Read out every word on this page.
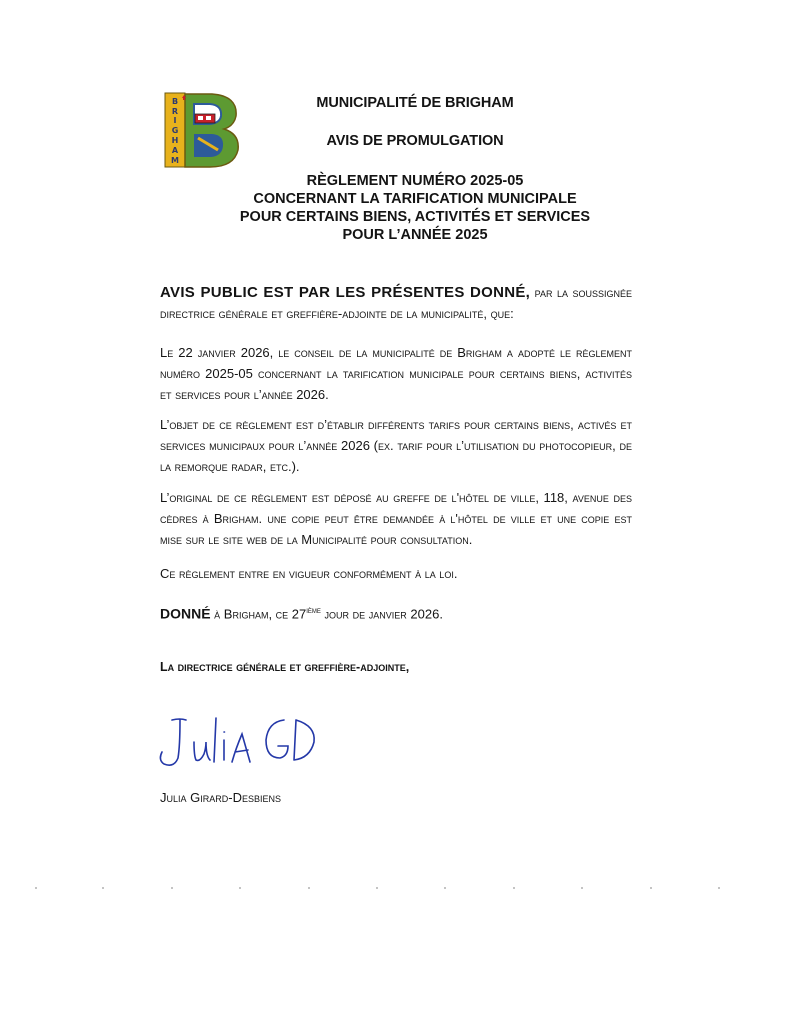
B
R
I
G
H
A
M
MUNICIPALITÉ DE BRIGHAM
AVIS DE PROMULGATION
RÈGLEMENT NUMÉRO 2025-05
CONCERNANT LA TARIFICATION MUNICIPALE
POUR CERTAINS BIENS, ACTIVITÉS ET SERVICES
POUR L’ANNÉE 2025
AVIS PUBLIC EST PAR LES PRÉSENTES DONNÉ, par la soussignée directrice générale et greffière-adjointe de la municipalité, que:
Le 22 janvier 2026, le conseil de la municipalité de Brigham a adopté le règlement numéro 2025-05 concernant la tarification municipale pour certains biens, activités et services pour l’année 2026.
L’objet de ce règlement est d’établir différents tarifs pour certains biens, activés et services municipaux pour l’année 2026 (ex. tarif pour l’utilisation du photocopieur, de la remorque radar, etc.).
L’original de ce règlement est déposé au greffe de l'hôtel de ville, 118, avenue des cèdres à Brigham. une copie peut être demandée à l'hôtel de ville et une copie est mise sur le site web de la Municipalité pour consultation.
Ce règlement entre en vigueur conformément à la loi.
DONNÉ à Brigham, ce 27ième jour de janvier 2026.
La directrice générale et greffière-adjointe,
Julia Girard-Desbiens
